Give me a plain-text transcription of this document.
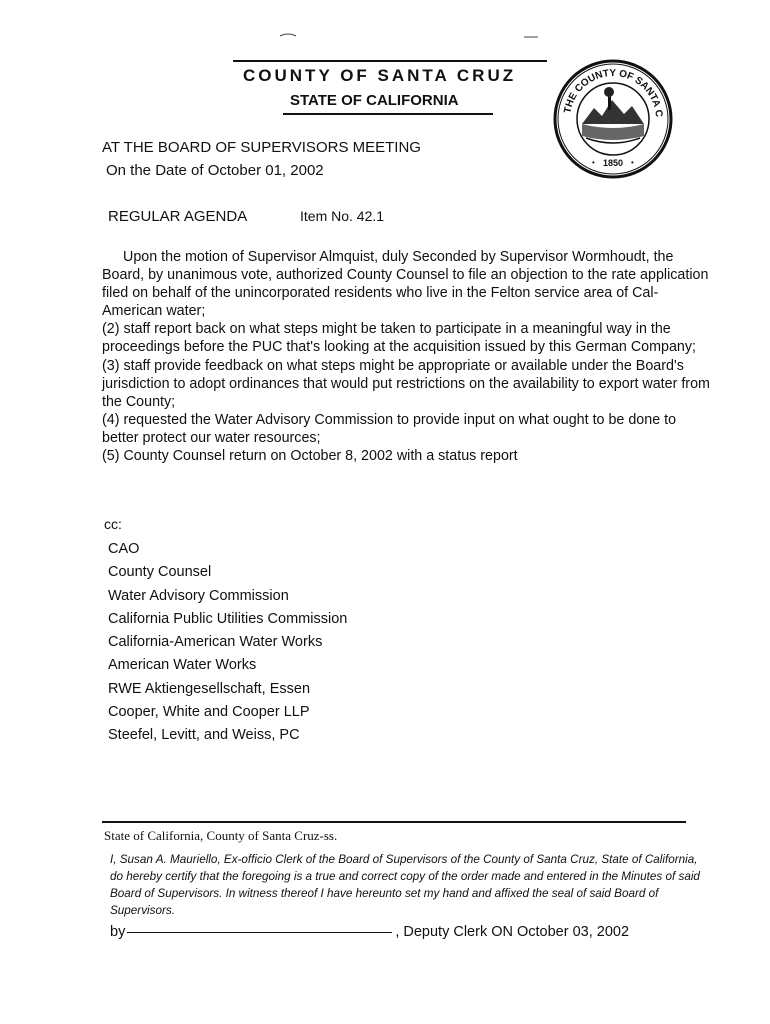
COUNTY OF SANTA CRUZ
STATE OF CALIFORNIA
THE COUNTY OF SANTA C
1850
•	•
AT THE BOARD OF SUPERVISORS MEETING
On the Date of October 01, 2002
REGULAR AGENDA	Item No. 42.1

Upon the motion of Supervisor Almquist, duly Seconded by Supervisor Wormhoudt, the Board, by unanimous vote, authorized County Counsel to file an objection to the rate application filed on behalf of the unincorporated residents who live in the Felton service area of Cal-American water;

(2) staff report back on what steps might be taken to participate in a meaningful way in the proceedings before the PUC that's looking at the acquisition issued by this German Company;

(3) staff provide feedback on what steps might be appropriate or available under the Board's jurisdiction to adopt ordinances that would put restrictions on the availability to export water from the County;

(4) requested the Water Advisory Commission to provide input on what ought to be done to better protect our water resources;

(5) County Counsel return on October 8, 2002 with a status report

cc:
CAO
County Counsel
Water Advisory Commission
California Public Utilities Commission
California-American Water Works
American Water Works
RWE Aktiengesellschaft, Essen
Cooper, White and Cooper LLP
Steefel, Levitt, and Weiss, PC
State of California, County of Santa Cruz-ss.
I, Susan A. Mauriello, Ex-officio Clerk of the Board of Supervisors of the County of Santa Cruz, State of California, do hereby certify that the foregoing is a true and correct copy of the order made and entered in the Minutes of said Board of Supervisors. In witness thereof I have hereunto set my hand and affixed the seal of said Board of Supervisors.
by	, Deputy Clerk ON October 03, 2002
